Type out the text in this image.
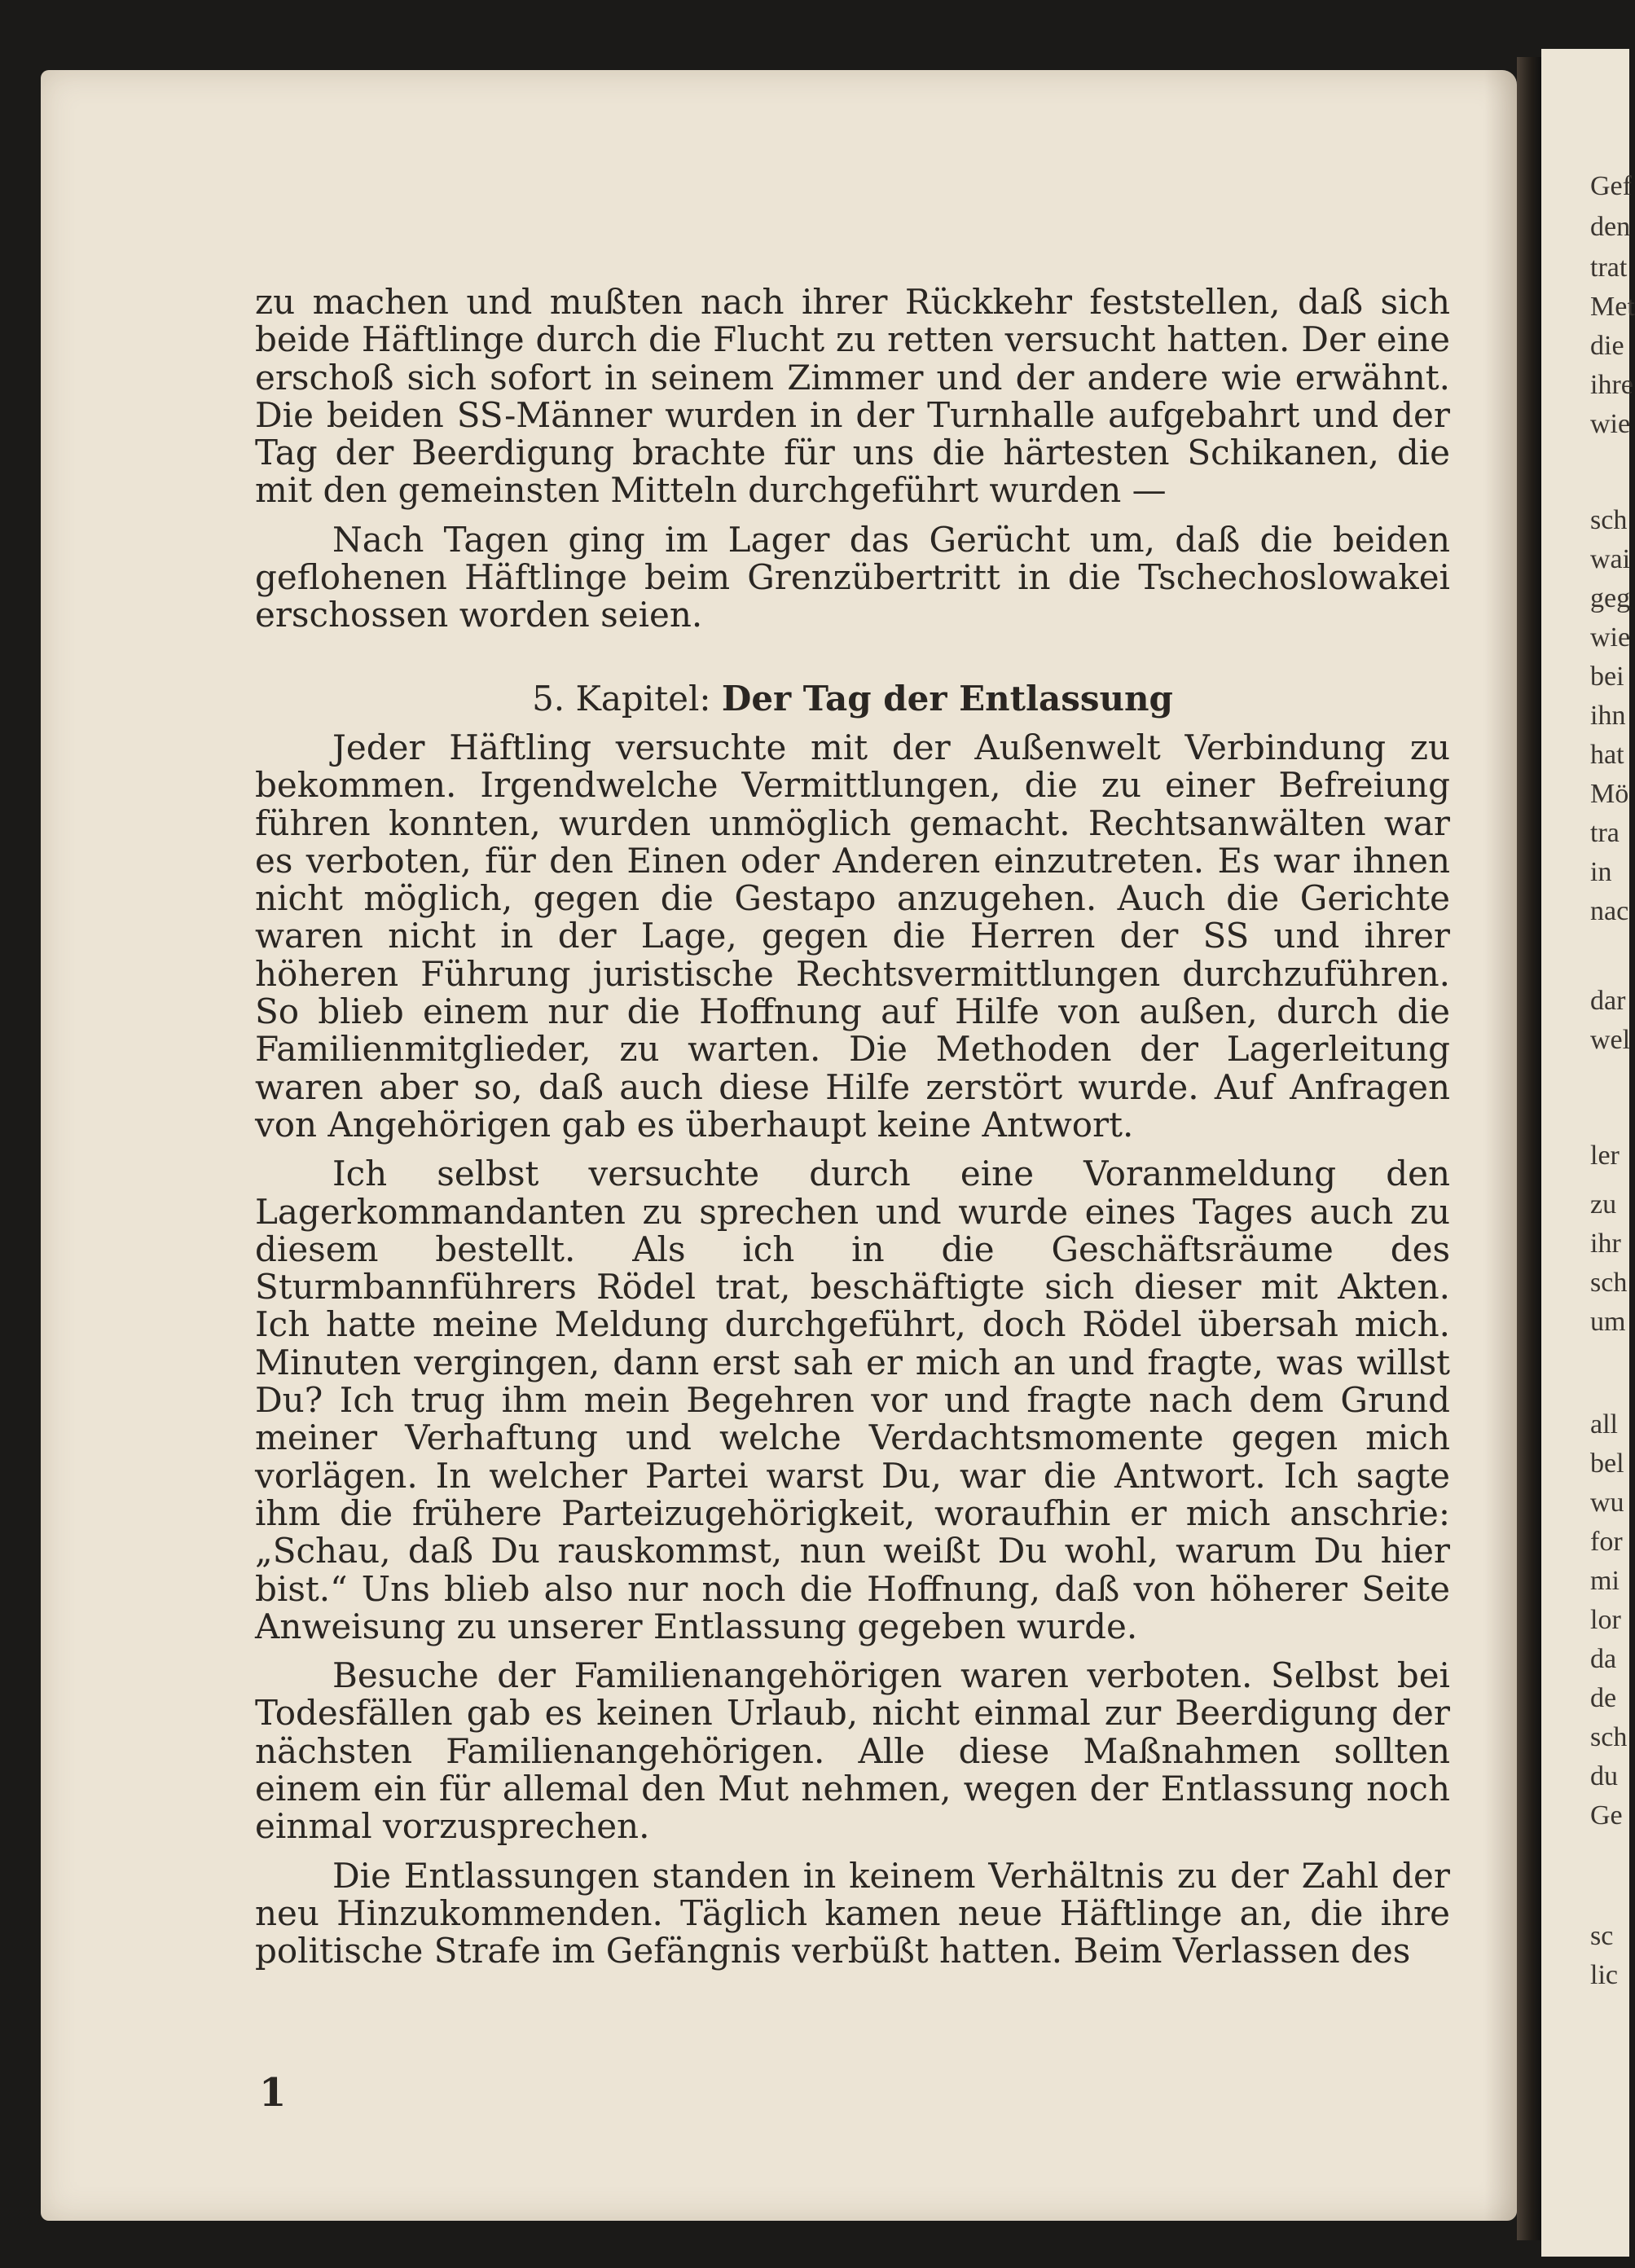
zu machen und mußten nach ihrer Rückkehr feststellen, daß sich beide Häftlinge durch die Flucht zu retten versucht hatten. Der eine erschoß sich sofort in seinem Zimmer und der andere wie erwähnt. Die beiden SS-Männer wurden in der Turnhalle aufgebahrt und der Tag der Beerdigung brachte für uns die härtesten Schikanen, die mit den gemeinsten Mitteln durchgeführt wurden —

Nach Tagen ging im Lager das Gerücht um, daß die beiden geflohenen Häftlinge beim Grenzübertritt in die Tschechoslowakei erschossen worden seien.

5. Kapitel: Der Tag der Entlassung

Jeder Häftling versuchte mit der Außenwelt Verbindung zu bekommen. Irgendwelche Vermittlungen, die zu einer Befreiung führen konnten, wurden unmöglich gemacht. Rechtsanwälten war es verboten, für den Einen oder Anderen einzutreten. Es war ihnen nicht möglich, gegen die Gestapo anzugehen. Auch die Gerichte waren nicht in der Lage, gegen die Herren der SS und ihrer höheren Führung juristische Rechtsvermittlungen durchzuführen. So blieb einem nur die Hoffnung auf Hilfe von außen, durch die Familienmitglieder, zu warten. Die Methoden der Lagerleitung waren aber so, daß auch diese Hilfe zerstört wurde. Auf Anfragen von Angehörigen gab es überhaupt keine Antwort.

Ich selbst versuchte durch eine Voranmeldung den Lagerkommandanten zu sprechen und wurde eines Tages auch zu diesem bestellt. Als ich in die Geschäftsräume des Sturmbannführers Rödel trat, beschäftigte sich dieser mit Akten. Ich hatte meine Meldung durchgeführt, doch Rödel übersah mich. Minuten vergingen, dann erst sah er mich an und fragte, was willst Du? Ich trug ihm mein Begehren vor und fragte nach dem Grund meiner Verhaftung und welche Verdachtsmomente gegen mich vorlägen. In welcher Partei warst Du, war die Antwort. Ich sagte ihm die frühere Parteizugehörigkeit, woraufhin er mich anschrie: „Schau, daß Du rauskommst, nun weißt Du wohl, warum Du hier bist.“ Uns blieb also nur noch die Hoffnung, daß von höherer Seite Anweisung zu unserer Entlassung gegeben wurde.

Besuche der Familienangehörigen waren verboten. Selbst bei Todesfällen gab es keinen Urlaub, nicht einmal zur Beerdigung der nächsten Familienangehörigen. Alle diese Maßnahmen sollten einem ein für allemal den Mut nehmen, wegen der Entlassung noch einmal vorzusprechen.

Die Entlassungen standen in keinem Verhältnis zu der Zahl der neu Hinzukommenden. Täglich kamen neue Häftlinge an, die ihre politische Strafe im Gefängnis verbüßt hatten. Beim Verlassen des

1
Gef
den
trat
Met
die
ihre
wie
sch
wai
geg
wie
bei
ihn
hat
Mö
tra
in
nac
dar
wel
ler
zu
ihr
sch
um
all
bel
wu
for
mi
lor
da
de
sch
du
Ge
sc
lic
